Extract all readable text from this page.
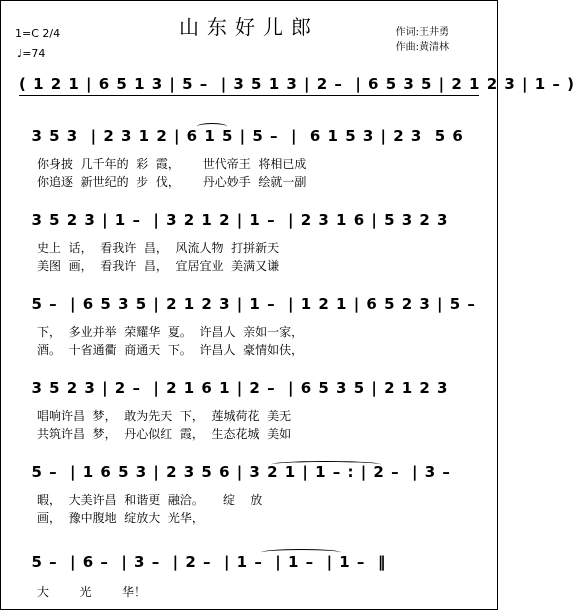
山东好儿郎
1=C 2/4
♩=74
作词:王井勇
作曲:黄清林
( 1 2 1 | 6 5 1 3 | 5 –  | 3 5 1 3 | 2 –  | 6 5 3 5 | 2 1 2 3 | 1 – )
3 5 3  | 2 3 1 2 | 6 1 5 | 5 –  |  6 1 5 3 | 2 3  5 6
你身披  几千年的  彩  霞，      世代帝王  将相已成
你追逐  新世纪的  步  伐，      丹心妙手  绘就一副
3 5 2 3 | 1 –  | 3 2 1 2 | 1 –  | 2 3 1 6 | 5 3 2 3
史上  话，  看我许  昌，  风流人物  打拼新天
美图  画，  看我许  昌，  宜居宜业  美满又谦
5 –  | 6 5 3 5 | 2 1 2 3 | 1 –  | 1 2 1 | 6 5 2 3 | 5 –
下，  多业并举  荣耀华  夏。  许昌人  亲如一家，
酒。  十省通衢  商通天  下。  许昌人  豪情如伕，
3 5 2 3 | 2 –  | 2 1 6 1 | 2 –  | 6 5 3 5 | 2 1 2 3
唱响许昌  梦，  敢为先天  下，  莲城荷花  美无
共筑许昌  梦，  丹心似红  霞，  生态花城  美如
5 –  | 1 6 5 3 | 2 3 5 6 | 3 2 1 | 1 – : | 2 –  | 3 –
暇，  大美许昌  和谐更  融洽。     绽    放
画，  豫中腹地  绽放大  光华，
5 –  | 6 –  | 3 –  | 2 –  | 1 –  | 1 –  | 1 –  ‖
大        光        华！
